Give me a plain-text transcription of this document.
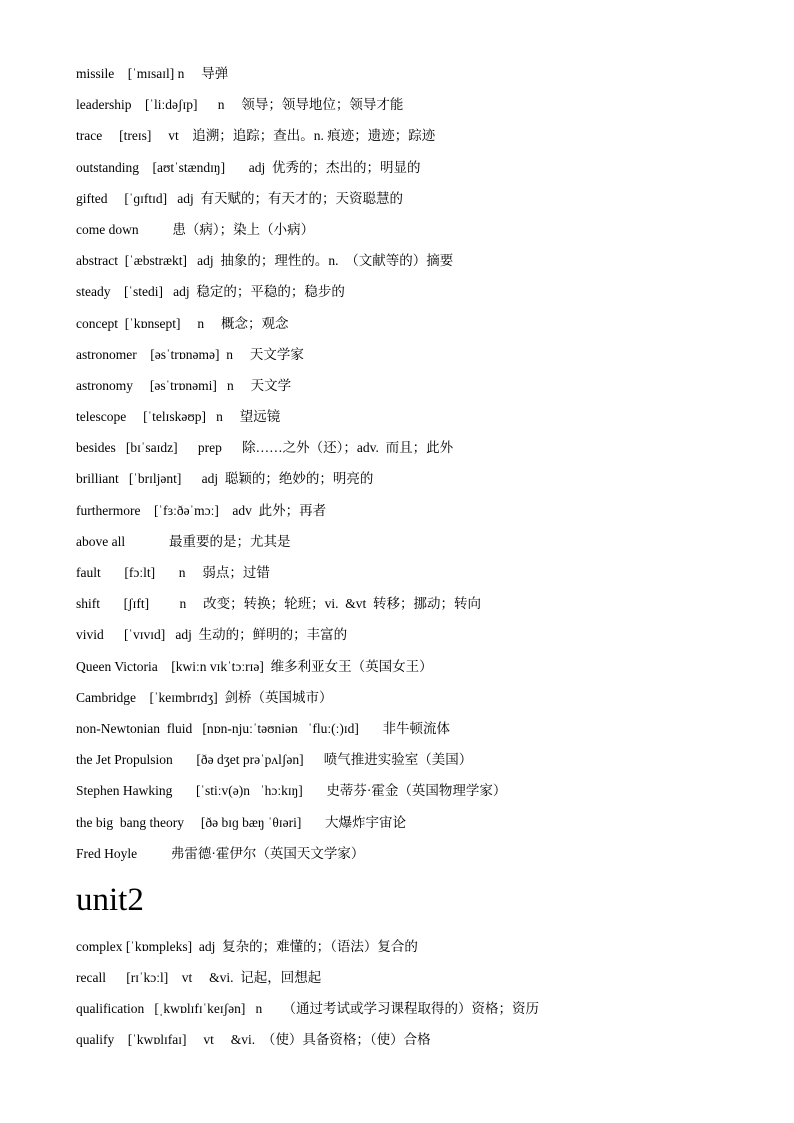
missile    [ˈmɪsaɪl] n     导弹
leadership    [ˈliːdəʃɪp]      n     领导；领导地位；领导才能
trace     [treɪs]     vt    追溯；追踪；查出。n. 痕迹；遗迹；踪迹
outstanding    [aʊtˈstændɪŋ]       adj  优秀的；杰出的；明显的
gifted     [ˈɡɪftɪd]   adj  有天赋的；有天才的；天资聪慧的
come down          患（病）；染上（小病）
abstract  [ˈæbstrækt]   adj  抽象的；理性的。n.  （文献等的）摘要
steady    [ˈstedi]   adj  稳定的；平稳的；稳步的
concept  [ˈkɒnsept]     n     概念；观念
astronomer    [əsˈtrɒnəmə]  n     天文学家
astronomy     [əsˈtrɒnəmi]   n     天文学
telescope     [ˈtelɪskəʊp]   n     望远镜
besides   [bɪˈsaɪdz]      prep      除……之外（还）；adv.  而且；此外
brilliant   [ˈbrɪljənt]      adj  聪颖的；绝妙的；明亮的
furthermore    [ˈfɜːðəˈmɔː]    adv  此外；再者
above all             最重要的是；尤其是
fault       [fɔːlt]       n     弱点；过错
shift       [ʃɪft]         n     改变；转换；轮班；vi.  &vt  转移；挪动；转向
vivid      [ˈvɪvɪd]   adj  生动的；鲜明的；丰富的
Queen Victoria    [kwiːn vɪkˈtɔːrɪə]  维多利亚女王（英国女王）
Cambridge    [ˈkeɪmbrɪdʒ]  剑桥（英国城市）
non-Newtonian  fluid   [nɒn-njuːˈtəʊniən   ˈfluː(ː)ɪd]       非牛顿流体
the Jet Propulsion       [ðə dʒet prəˈpʌlʃən]      喷气推进实验室（美国）
Stephen Hawking       [ˈstiːv(ə)n   ˈhɔːkɪŋ]       史蒂芬·霍金（英国物理学家）
the big  bang theory     [ðə bɪɡ bæŋ ˈθɪəri]       大爆炸宇宙论
Fred Hoyle          弗雷德·霍伊尔（英国天文学家）
unit2
complex [ˈkɒmpleks]  adj  复杂的；难懂的；（语法）复合的
recall      [rɪˈkɔːl]    vt     &vi.  记起，回想起
qualification   [ˌkwɒlɪfɪˈkeɪʃən]   n      （通过考试或学习课程取得的）资格；资历
qualify    [ˈkwɒlɪfaɪ]     vt     &vi.  （使）具备资格；（使）合格
